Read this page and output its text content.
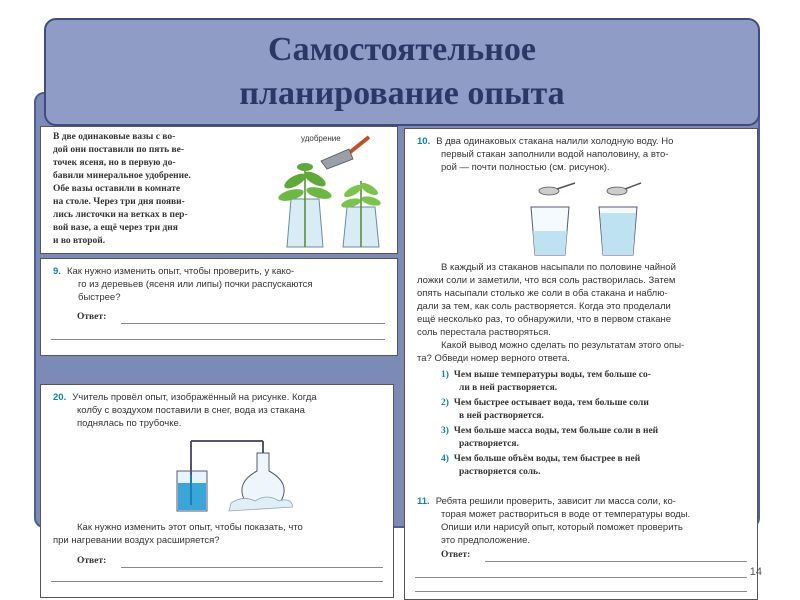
Самостоятельное
планирование опыта
В две одинаковые вазы с во-
дой они поставили по пять ве-
точек ясеня, но в первую до-
бавили минеральное удобрение.
Обе вазы оставили в комнате
на столе. Через три дня появи-
лись листочки на ветках в пер-
вой вазе, а ещё через три дня
и во второй.
удобрение
9. Как нужно изменить опыт, чтобы проверить, у како-
го из деревьев (ясеня или липы) почки распускаются
быстрее?
Ответ:
20. Учитель провёл опыт, изображённый на рисунке. Когда
колбу с воздухом поставили в снег, вода из стакана
поднялась по трубочке.
Как нужно изменить этот опыт, чтобы показать, что
при нагревании воздух расширяется?
Ответ:
10. В два одинаковых стакана налили холодную воду. Но
первый стакан заполнили водой наполовину, а вто-
рой — почти полностью (см. рисунок).
В каждый из стаканов насыпали по половине чайной
ложки соли и заметили, что вся соль растворилась. Затем
опять насыпали столько же соли в оба стакана и наблю-
дали за тем, как соль растворяется. Когда это проделали
ещё несколько раз, то обнаружили, что в первом стакане
соль перестала растворяться.
Какой вывод можно сделать по результатам этого опы-
та? Обведи номер верного ответа.
1) Чем выше температуры воды, тем больше со-
ли в ней растворяется.
2) Чем быстрее остывает вода, тем больше соли
в ней растворяется.
3) Чем больше масса воды, тем больше соли в ней
растворяется.
4) Чем больше объём воды, тем быстрее в ней
растворяется соль.
11. Ребята решили проверить, зависит ли масса соли, ко-
торая может раствориться в воде от температуры воды.
Опиши или нарисуй опыт, который поможет проверить
это предположение.
Ответ:
14
